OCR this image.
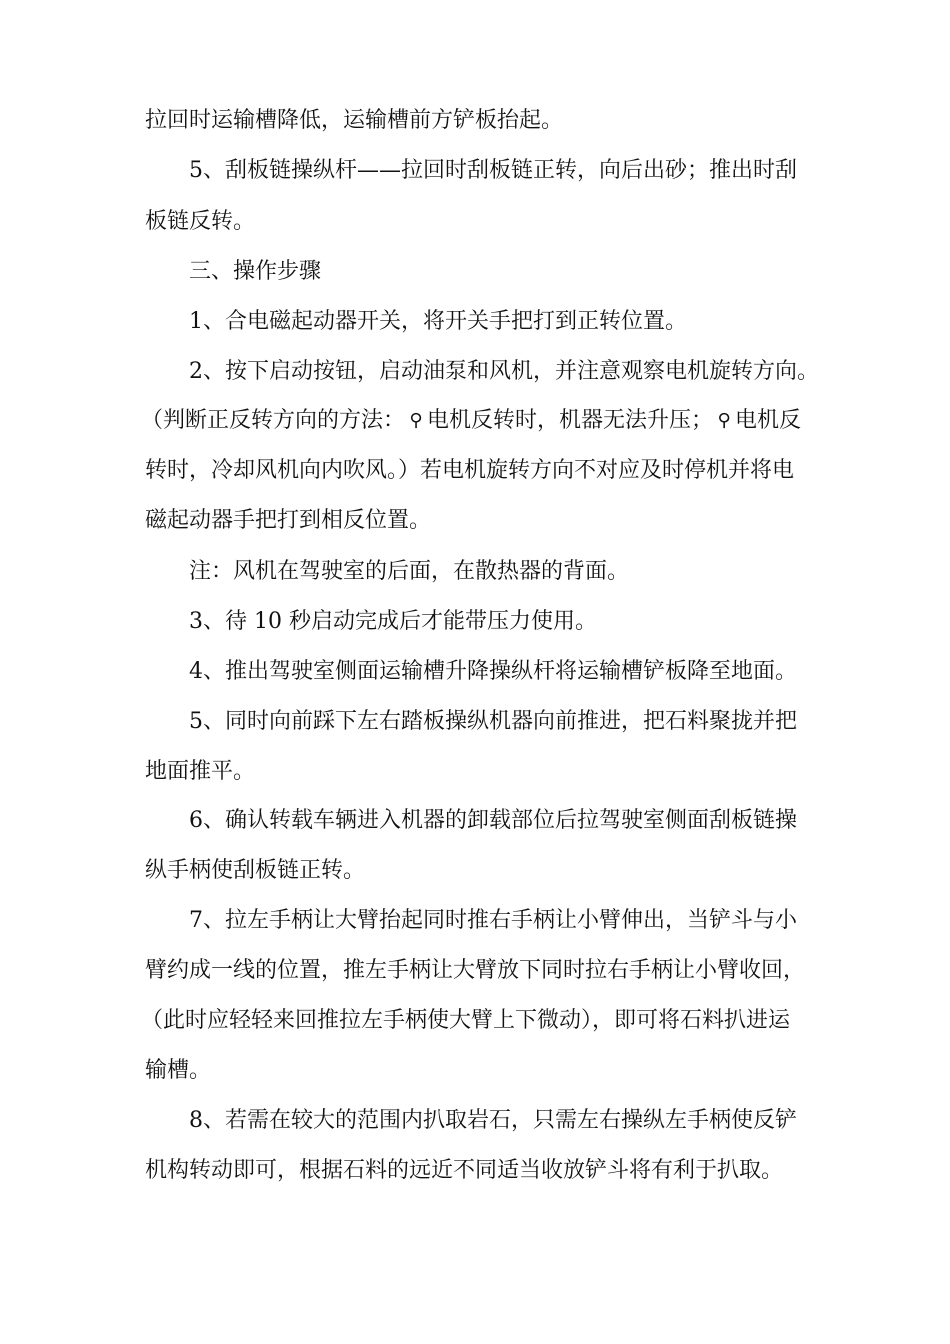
拉回时运输槽降低，运输槽前方铲板抬起。
5、刮板链操纵杆——拉回时刮板链正转，向后出砂；推出时刮
板链反转。
三、操作步骤
1、合电磁起动器开关，将开关手把打到正转位置。
2、按下启动按钮，启动油泵和风机，并注意观察电机旋转方向。
（判断正反转方向的方法： ⚲ 电机反转时，机器无法升压； ⚲ 电机反
转时，冷却风机向内吹风。）若电机旋转方向不对应及时停机并将电
磁起动器手把打到相反位置。
注：风机在驾驶室的后面，在散热器的背面。
3、待 10 秒启动完成后才能带压力使用。
4、推出驾驶室侧面运输槽升降操纵杆将运输槽铲板降至地面。
5、同时向前踩下左右踏板操纵机器向前推进，把石料聚拢并把
地面推平。
6、确认转载车辆进入机器的卸载部位后拉驾驶室侧面刮板链操
纵手柄使刮板链正转。
7、拉左手柄让大臂抬起同时推右手柄让小臂伸出，当铲斗与小
臂约成一线的位置，推左手柄让大臂放下同时拉右手柄让小臂收回，
（此时应轻轻来回推拉左手柄使大臂上下微动），即可将石料扒进运
输槽。
8、若需在较大的范围内扒取岩石，只需左右操纵左手柄使反铲
机构转动即可，根据石料的远近不同适当收放铲斗将有利于扒取。
